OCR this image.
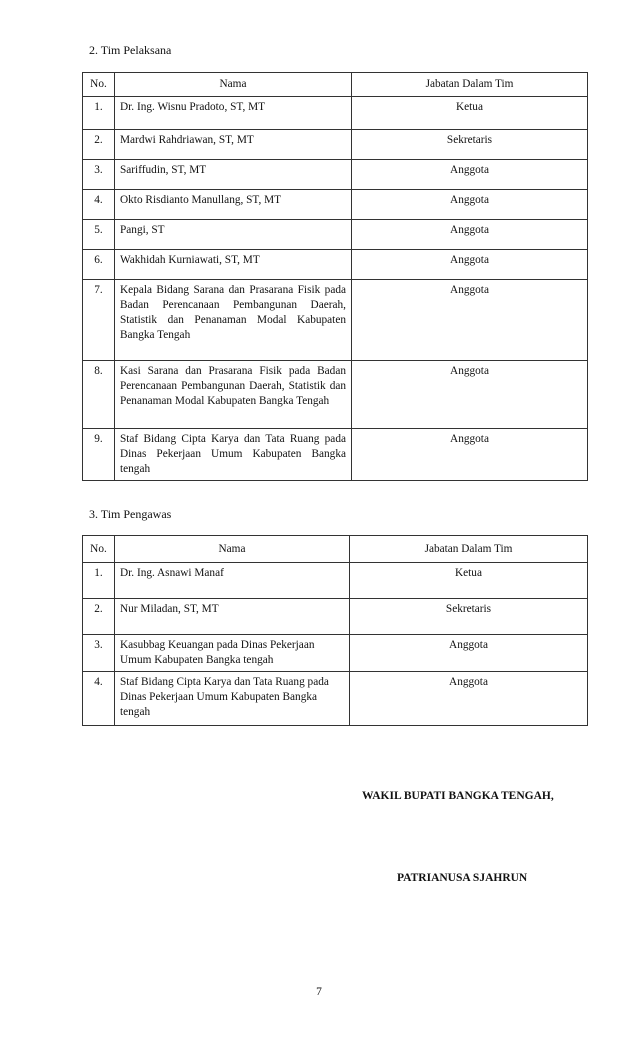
2. Tim Pelaksana
No.	Nama	Jabatan Dalam Tim
1.	Dr. Ing. Wisnu Pradoto, ST, MT	Ketua
2.	Mardwi Rahdriawan, ST, MT	Sekretaris
3.	Sariffudin, ST, MT	Anggota
4.	Okto Risdianto Manullang, ST, MT	Anggota
5.	Pangi, ST	Anggota
6.	Wakhidah Kurniawati, ST, MT	Anggota
7.	Kepala Bidang Sarana dan Prasarana Fisik pada Badan Perencanaan Pembangunan Daerah, Statistik dan Penanaman Modal Kabupaten Bangka Tengah	Anggota
8.	Kasi Sarana dan Prasarana Fisik pada Badan Perencanaan Pembangunan Daerah, Statistik dan Penanaman Modal Kabupaten Bangka Tengah	Anggota
9.	Staf Bidang Cipta Karya dan Tata Ruang pada Dinas Pekerjaan Umum Kabupaten Bangka tengah	Anggota
3. Tim Pengawas
No.	Nama	Jabatan Dalam Tim
1.	Dr. Ing. Asnawi Manaf	Ketua
2.	Nur Miladan, ST, MT	Sekretaris
3.	Kasubbag Keuangan pada Dinas Pekerjaan Umum Kabupaten Bangka tengah	Anggota
4.	Staf Bidang Cipta Karya dan Tata Ruang pada Dinas Pekerjaan Umum Kabupaten Bangka tengah	Anggota
WAKIL BUPATI BANGKA TENGAH,
PATRIANUSA SJAHRUN
7
